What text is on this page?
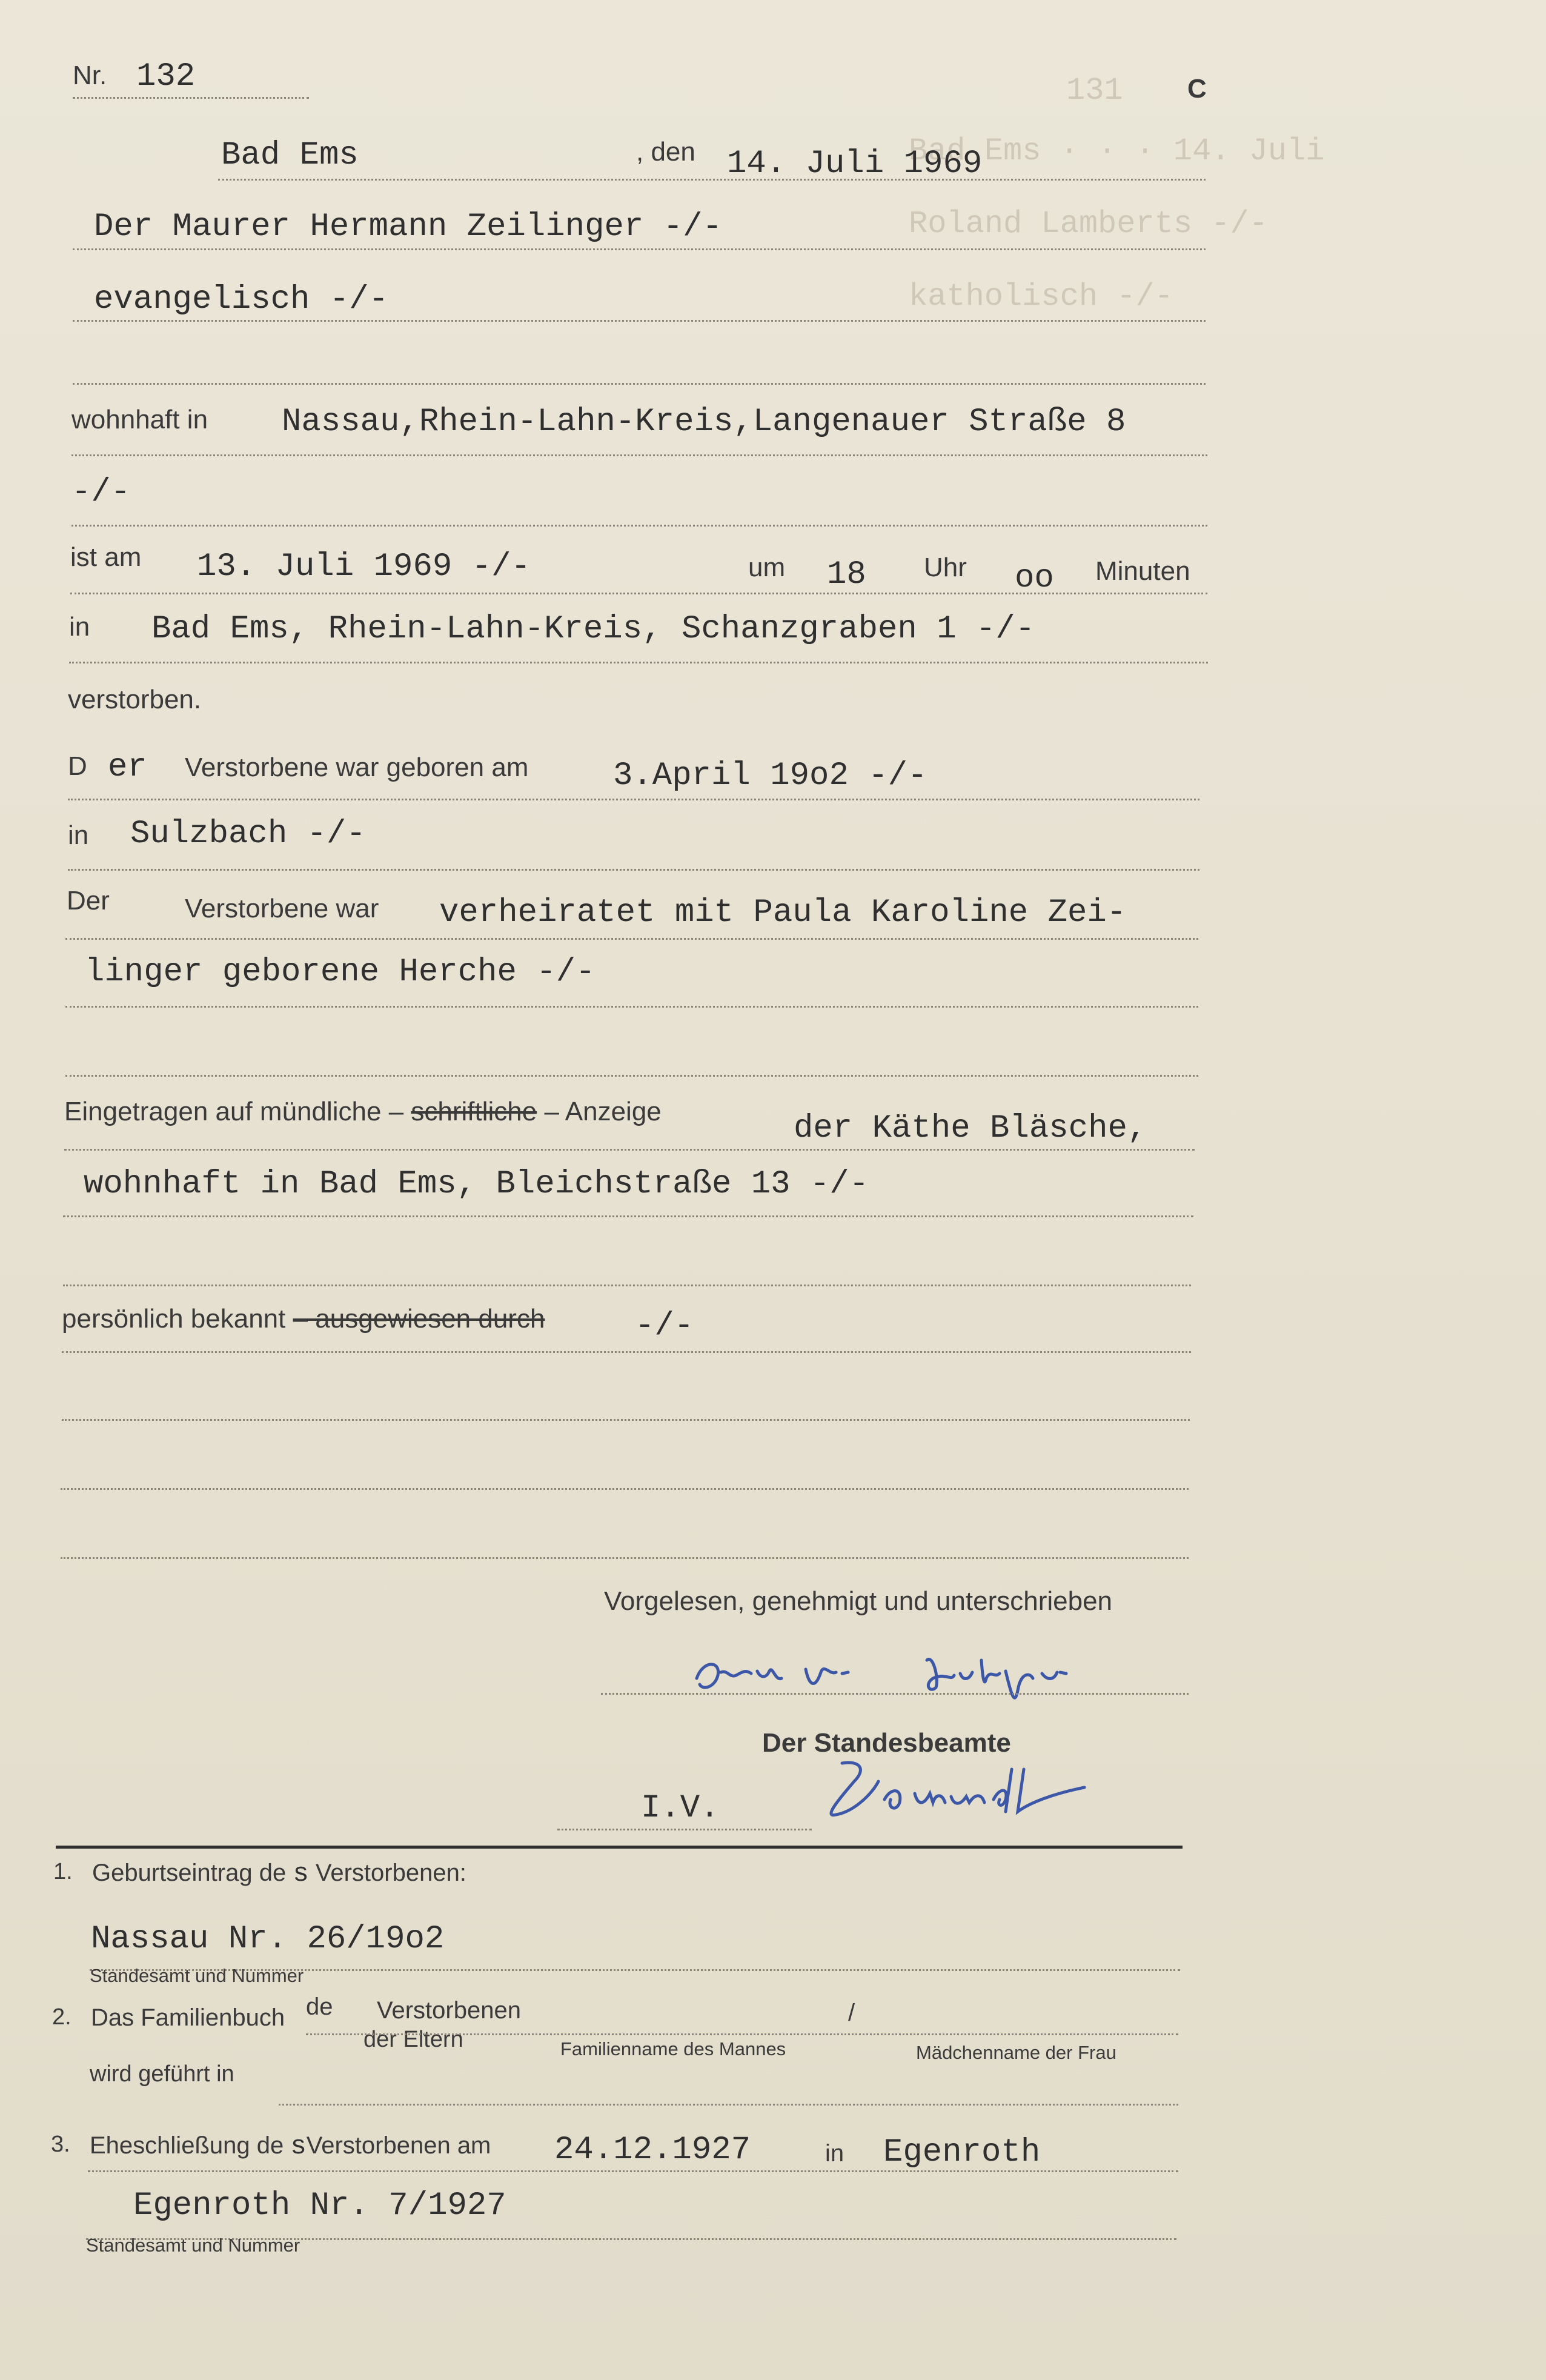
131
Bad Ems · · · 14. Juli
Roland Lamberts -/-
katholisch -/-
Nr. 132	C
Bad Ems	, den 14. Juli 1969
Der Maurer Hermann Zeilinger -/-
evangelisch -/-
wohnhaft in Nassau,Rhein-Lahn-Kreis,Langenauer Straße 8
-/-
ist am 13. Juli 1969 -/-	um 18 Uhr oo Minuten
in Bad Ems, Rhein-Lahn-Kreis, Schanzgraben 1 -/-
verstorben.
D er Verstorbene war geboren am	3.April 19o2 -/-
in Sulzbach -/-
Der	Verstorbene war verheiratet mit Paula Karoline Zei-
linger geborene Herche -/-
Eingetragen auf mündliche – schriftliche – Anzeige	der Käthe Bläsche,
wohnhaft in Bad Ems, Bleichstraße 13 -/-
persönlich bekannt – ausgewiesen durch	-/-
Vorgelesen, genehmigt und unterschrieben
Der Standesbeamte
I.V.
1. Geburtseintrag de s Verstorbenen:
Nassau Nr. 26/19o2
Standesamt und Nummer
2. Das Familienbuch de Verstorbenen
der Eltern
/
Familienname des Mannes	Mädchenname der Frau
wird geführt in
3. Eheschließung de sVerstorbenen am 24.12.1927	in Egenroth
Egenroth Nr. 7/1927
Standesamt und Nummer
